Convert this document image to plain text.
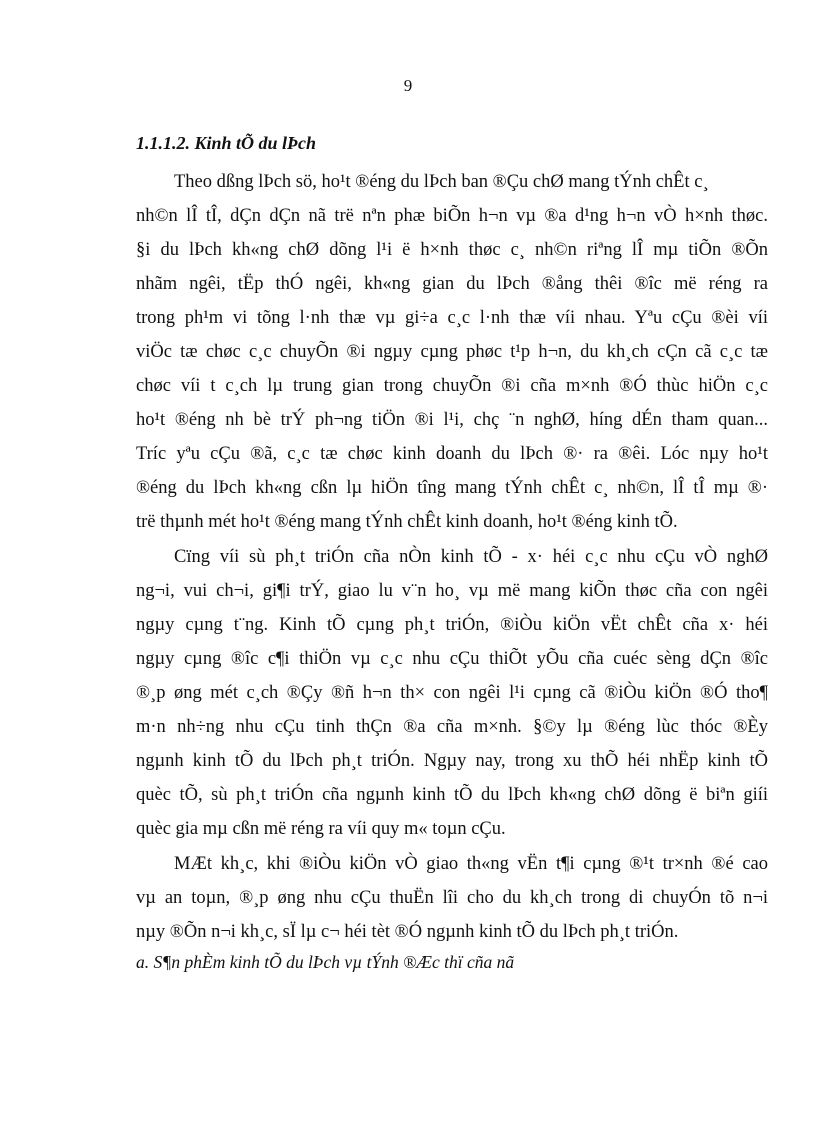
9
1.1.1.2. Kinh tÕ du lÞch
Theo dßng lÞch sö, ho¹t ®éng du lÞch ban ®Çu chØ mang tÝnh chÊt c¸
nh©n lÎ tÎ, dÇn dÇn nã trë nªn phæ biÕn h¬n vµ ®a d¹ng h¬n vÒ h×nh thøc.
§i du lÞch kh«ng chØ dõng l¹i ë h×nh thøc c¸ nh©n riªng lÎ mµ tiÕn ®Õn
nhãm ngêi, tËp thÓ ngêi, kh«ng gian du lÞch ®ång thêi ®îc më réng ra
trong ph¹m vi tõng l·nh thæ vµ gi÷a c¸c l·nh thæ víi nhau. Yªu cÇu ®èi víi
viÖc tæ chøc c¸c chuyÕn ®i ngµy cµng phøc t¹p h¬n, du kh¸ch cÇn cã c¸c tæ
chøc víi t c¸ch lµ trung gian trong chuyÕn ®i cña m×nh ®Ó thùc hiÖn c¸c
ho¹t ®éng nh bè trÝ ph¬ng tiÖn ®i l¹i, chç ¨n nghØ, híng dÉn tham quan...
Tríc yªu cÇu ®ã, c¸c tæ chøc kinh doanh du lÞch ®· ra ®êi. Lóc nµy ho¹t
®éng du lÞch kh«ng cßn lµ hiÖn tîng mang tÝnh chÊt c¸ nh©n, lÎ tÎ mµ ®·
trë thµnh mét ho¹t ®éng mang tÝnh chÊt kinh doanh, ho¹t ®éng kinh tÕ.
Cïng víi sù ph¸t triÓn cña nÒn kinh tÕ - x· héi c¸c nhu cÇu vÒ nghØ
ng¬i, vui ch¬i, gi¶i trÝ, giao lu v¨n ho¸ vµ më mang kiÕn thøc cña con ngêi
ngµy cµng t¨ng. Kinh tÕ cµng ph¸t triÓn, ®iÒu kiÖn vËt chÊt cña x· héi
ngµy cµng ®îc c¶i thiÖn vµ c¸c nhu cÇu thiÕt yÕu cña cuéc sèng dÇn ®îc
®¸p øng mét c¸ch ®Çy ®ñ h¬n th× con ngêi l¹i cµng cã ®iÒu kiÖn ®Ó tho¶
m·n nh÷ng nhu cÇu tinh thÇn ®a cña m×nh. §©y lµ ®éng lùc thóc ®Èy
ngµnh kinh tÕ du lÞch ph¸t triÓn. Ngµy nay, trong xu thÕ héi nhËp kinh tÕ
quèc tÕ, sù ph¸t triÓn cña ngµnh kinh tÕ du lÞch kh«ng chØ dõng ë biªn giíi
quèc gia mµ cßn më réng ra víi quy m« toµn cÇu.
MÆt kh¸c, khi ®iÒu kiÖn vÒ giao th«ng vËn t¶i cµng ®¹t tr×nh ®é cao
vµ an toµn, ®¸p øng nhu cÇu thuËn lîi cho du kh¸ch trong di chuyÓn tõ n¬i
nµy ®Õn n¬i kh¸c, sÏ lµ c¬ héi tèt ®Ó ngµnh kinh tÕ du lÞch ph¸t triÓn.
a. S¶n phÈm kinh tÕ du lÞch vµ tÝnh ®Æc thï cña nã
